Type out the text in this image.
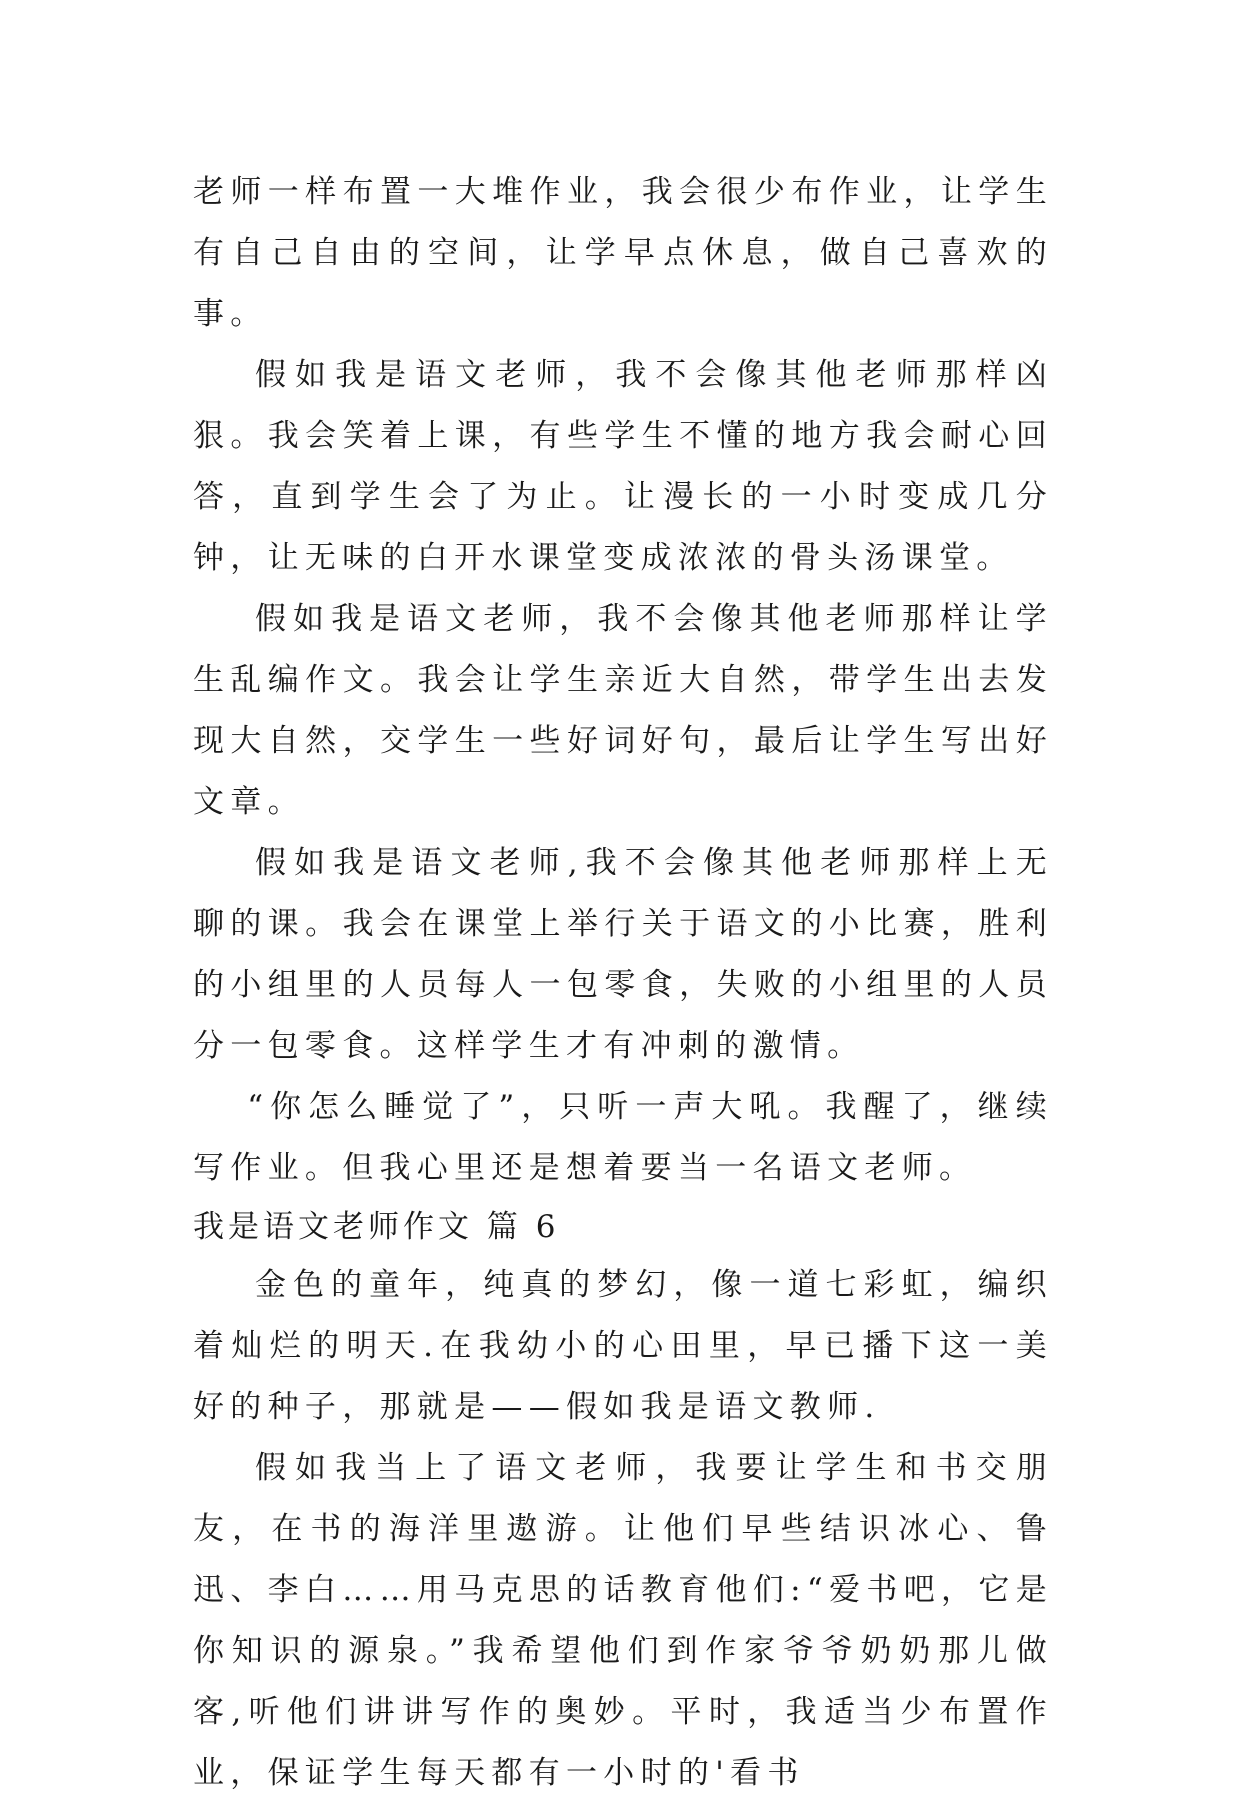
老师一样布置一大堆作业，我会很少布作业，让学生有自己自由的空间，让学早点休息，做自己喜欢的事。

假如我是语文老师，我不会像其他老师那样凶狠。我会笑着上课，有些学生不懂的地方我会耐心回答，直到学生会了为止。让漫长的一小时变成几分钟，让无味的白开水课堂变成浓浓的骨头汤课堂。

假如我是语文老师，我不会像其他老师那样让学生乱编作文。我会让学生亲近大自然，带学生出去发现大自然，交学生一些好词好句，最后让学生写出好文章。

假如我是语文老师,我不会像其他老师那样上无聊的课。我会在课堂上举行关于语文的小比赛，胜利的小组里的人员每人一包零食，失败的小组里的人员分一包零食。这样学生才有冲刺的激情。

“你怎么睡觉了”，只听一声大吼。我醒了，继续写作业。但我心里还是想着要当一名语文老师。

我是语文老师作文 篇 6

金色的童年，纯真的梦幻，像一道七彩虹，编织着灿烂的明天.在我幼小的心田里，早已播下这一美好的种子，那就是——假如我是语文教师.

假如我当上了语文老师，我要让学生和书交朋友，在书的海洋里遨游。让他们早些结识冰心、鲁迅、李白……用马克思的话教育他们:“爱书吧，它是你知识的源泉。”我希望他们到作家爷爷奶奶那儿做客,听他们讲讲写作的奥妙。平时，我适当少布置作业，保证学生每天都有一小时的'看书
